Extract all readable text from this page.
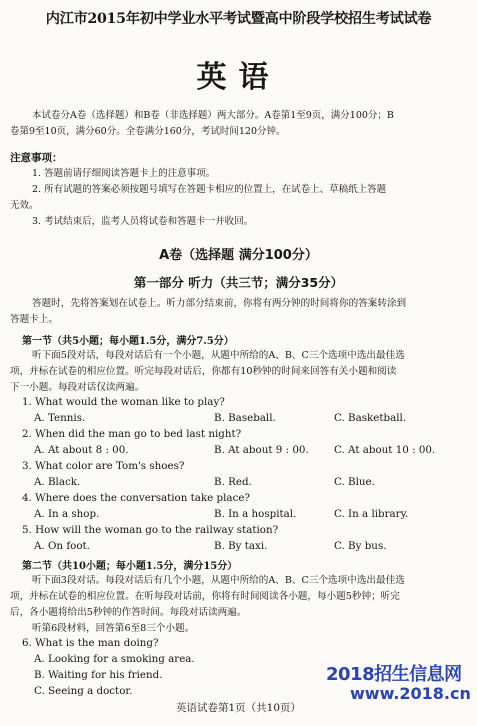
内江市2015年初中学业水平考试暨高中阶段学校招生考试试卷
英语
本试卷分A卷（选择题）和B卷（非选择题）两大部分。A卷第1至9页，满分100分；B
卷第9至10页，满分60分。全卷满分160分，考试时间120分钟。
注意事项：
1. 答题前请仔细阅读答题卡上的注意事项。
2. 所有试题的答案必须按题号填写在答题卡相应的位置上，在试卷上、草稿纸上答题
无效。
3. 考试结束后，监考人员将试卷和答题卡一并收回。
A卷（选择题 满分100分）
第一部分 听力（共三节；满分35分）
答题时，先将答案划在试卷上。听力部分结束前，你将有两分钟的时间将你的答案转涂到
答题卡上。
第一节（共5小题；每小题1.5分，满分7.5分）
听下面5段对话，每段对话后有一个小题，从题中所给的A、B、C三个选项中选出最佳选
项，并标在试卷的相应位置。听完每段对话后，你都有10秒钟的时间来回答有关小题和阅读
下一小题。每段对话仅读两遍。
1. What would the woman like to play?
A. Tennis.	B. Baseball.	C. Basketball.
2. When did the man go to bed last night?
A. At about 8 : 00.	B. At about 9 : 00. C. At about 10 : 00.
3. What color are Tom's shoes?
A. Black.	B. Red.	C. Blue.
4. Where does the conversation take place?
A. In a shop.	B. In a hospital.	C. In a library.
5. How will the woman go to the railway station?
A. On foot.	B. By taxi.	C. By bus.
第二节（共10小题；每小题1.5分，满分15分）
听下面3段对话。每段对话后有几个小题，从题中所给的A、B、C三个选项中选出最佳选
项，并标在试卷的相应位置。在听每段对话前，你将有时间阅读各小题，每小题5秒钟；听完
后，各小题将给出5秒钟的作答时间。每段对话读两遍。
听第6段材料，回答第6至8三个小题。
6. What is the man doing?
A. Looking for a smoking area.
B. Waiting for his friend.
C. Seeing a doctor.
英语试卷第1页（共10页）
2018招生信息网
www.2018.cn
